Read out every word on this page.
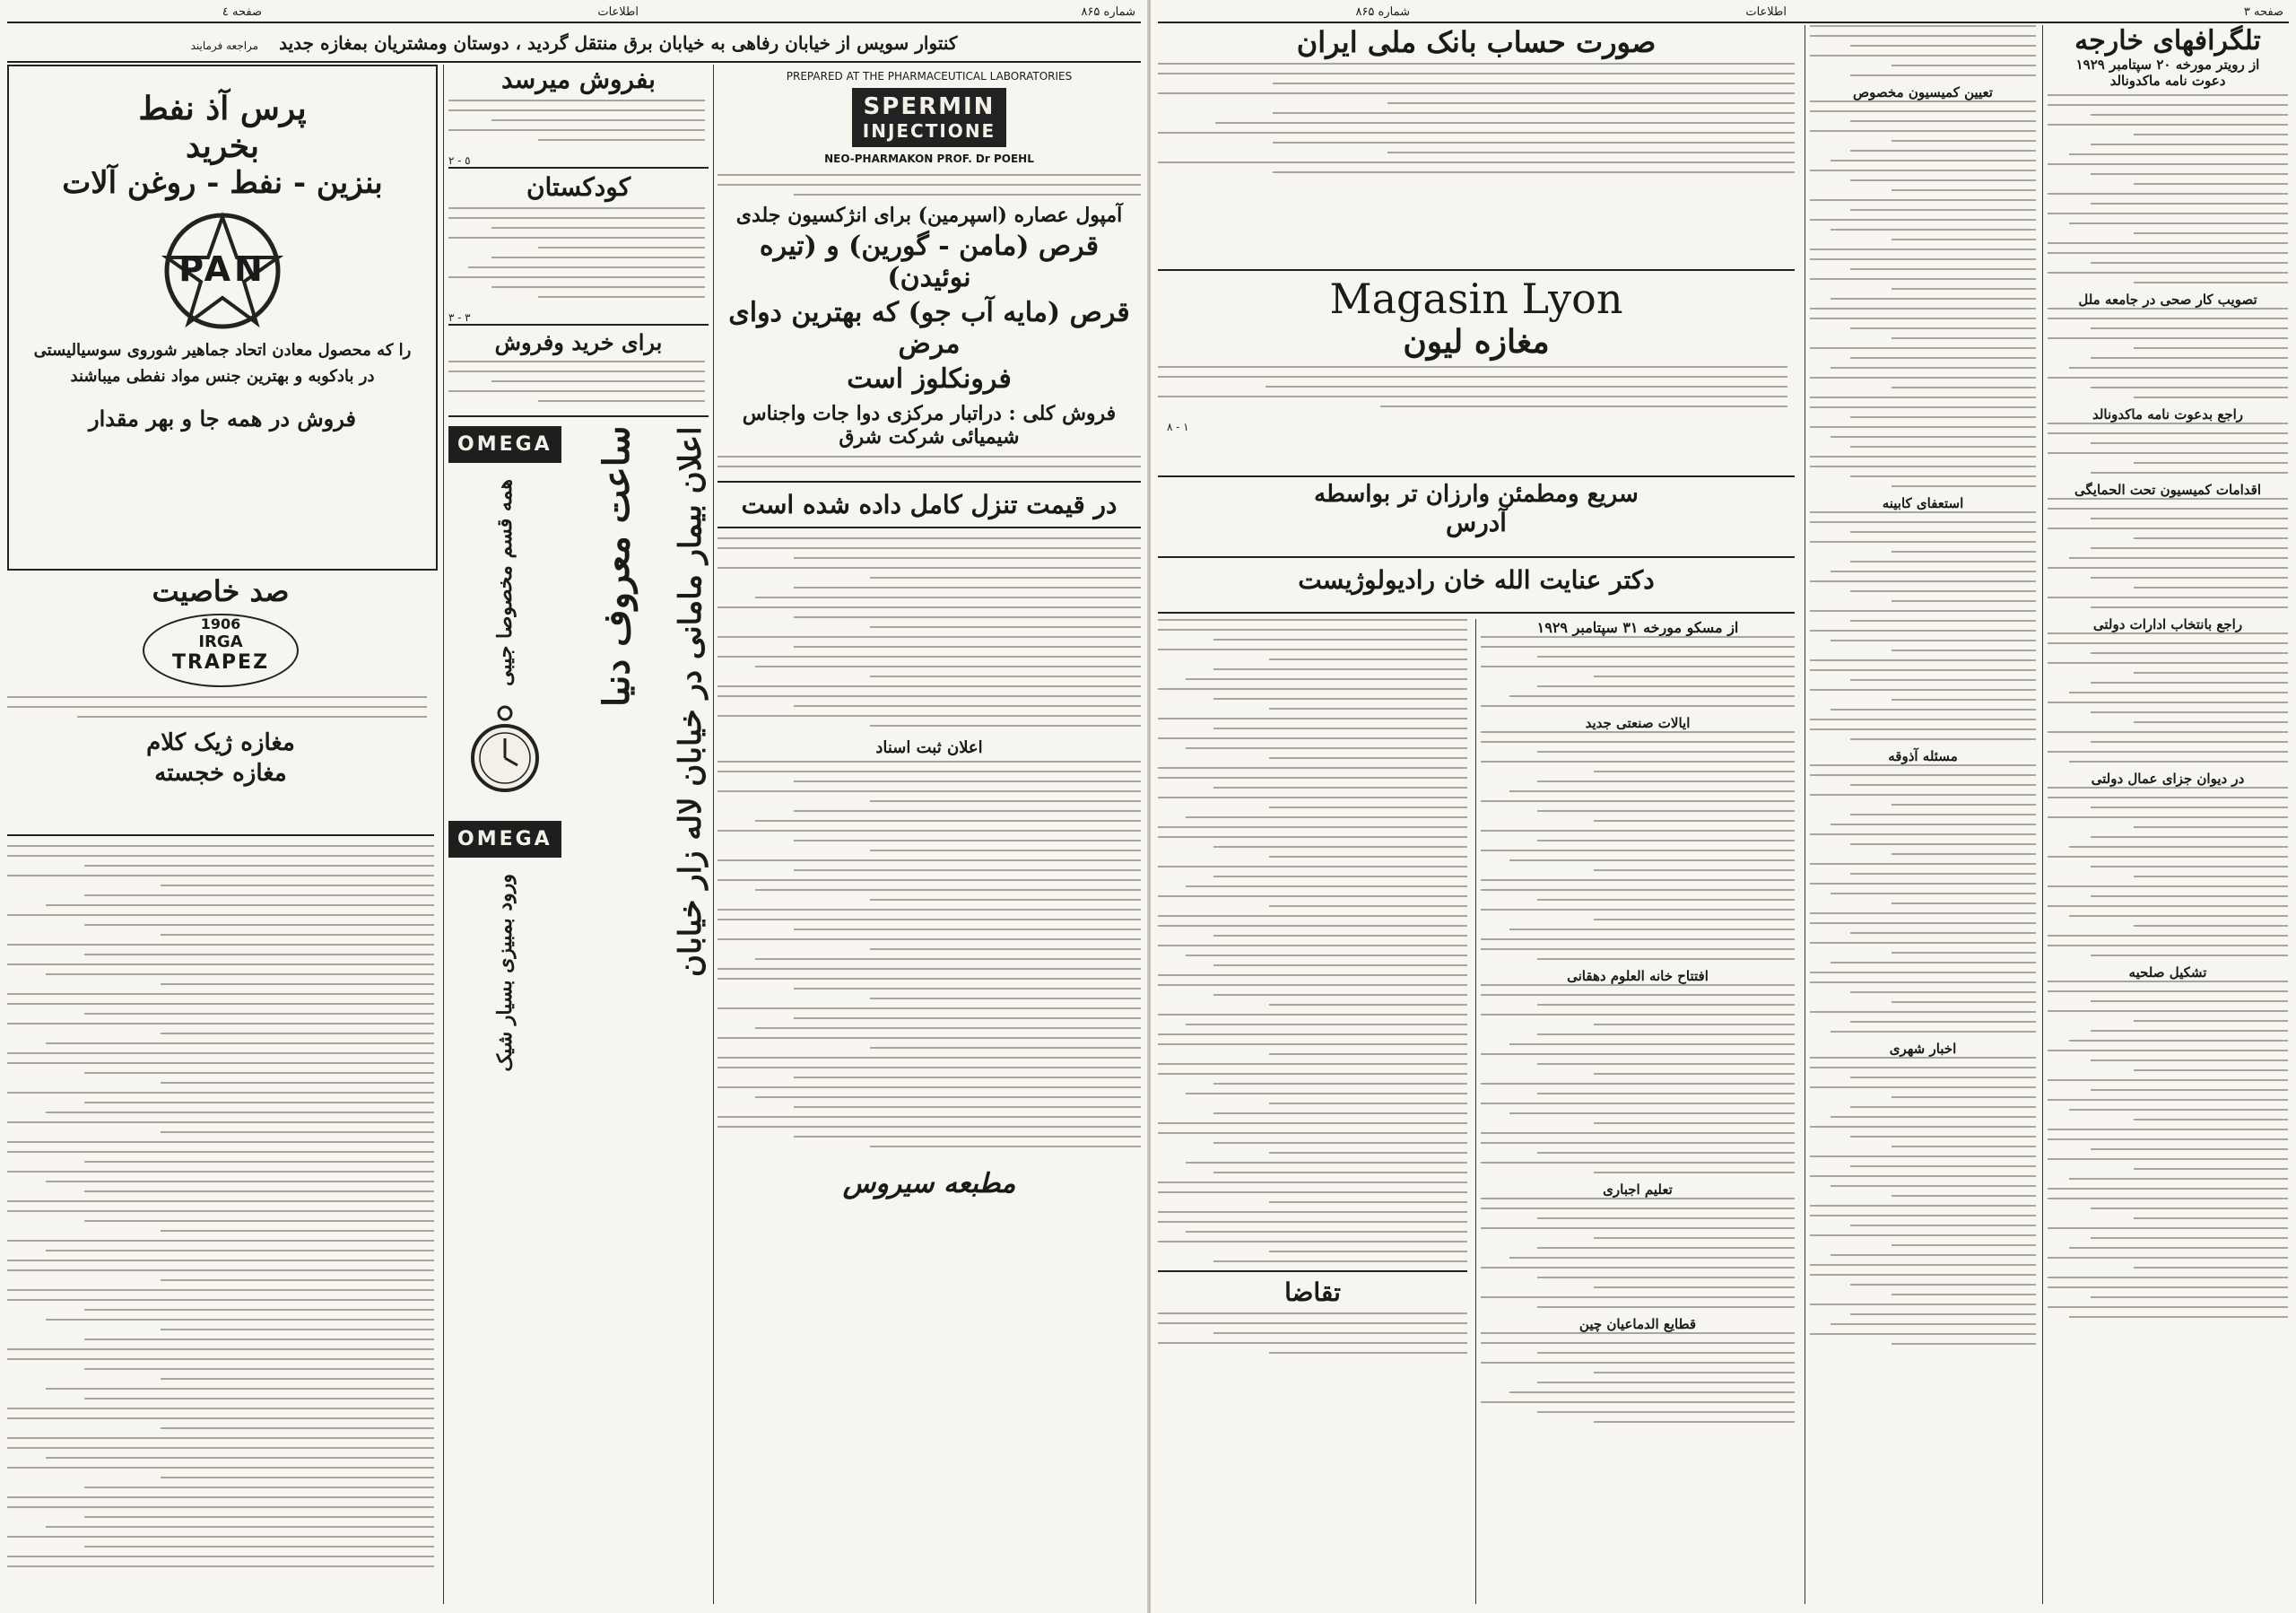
شماره ۸۶۵
اطلاعات
صفحه ٤
کنتوار سویس از خیابان رفاهی به خیابان برق منتقل گردید ، دوستان ومشتریان بمغازه جدید مراجعه فرمایند
PREPARED AT THE PHARMACEUTICAL LABORATORIES
SPERMIN
INJECTIONE
NEO-PHARMAKON PROF. Dr POEHL
آمپول عصاره (اسپرمین) برای انژکسیون جلدی
قرص (مامن - گورین) و (تیره نوئیدن)
قرص (مایه آب جو) که بهترین دوای مرض
فرونکلوز است
فروش کلی : دراتبار مرکزی دوا جات واجناس شیمیائی شرکت شرق
در قیمت تنزل کامل داده شده است
اعلان ثبت اسناد
مطبعه سیروس
بفروش میرسد
٥ - ٢
کودکستان
٣ - ٣
برای خرید وفروش
اعلان بیمار مامانی در خیابان لاله زار خیابان
ساعت معروف دنیا
OMEGA
همه قسم مخصوصا جیبی
OMEGA
ورود بمبیزی بسیار شیک
پرس آذ نفط
بخرید
بنزین - نفط - روغن آلات
PAN
را که محصول معادن اتحاد جماهیر شوروی سوسیالیستی
در بادکوبه و بهترین جنس مواد نفطی میباشند
فروش در همه جا و بهر مقدار
صد خاصیت
1906
IRGA
TRAPEZ
مغازه ژیک کلام
مغازه خجسته
صفحه ٣
اطلاعات
شماره ۸۶۵
تلگرافهای خارجه
از رویتر مورخه ٢٠ سپتامبر ۱۹۲۹
دعوت نامه ماکدونالد
تصویب کار صحی در جامعه ملل
راجع بدعوت نامه ماکدونالد
اقدامات کمیسیون تحت الحمایگی
راجع بانتخاب ادارات دولتی
در دیوان جزای عمال دولتی
تشکیل صلحیه
تعیین کمیسیون مخصوص
استعفای کابینه
مسئله آذوقه
اخبار شهری
صورت حساب بانک ملی ایران
Magasin Lyon
مغازه لیون
١ - ٨
سریع ومطمئن وارزان تر بواسطه
آدرس
دکتر عنایت الله خان رادیولوژیست
از مسکو مورخه ٣١ سپتامبر ۱۹۲۹
ایالات صنعتی جدید
افتتاح خانه العلوم دهقانی
تعلیم اجباری
قطایع الدماعیان چین
تقاضا
